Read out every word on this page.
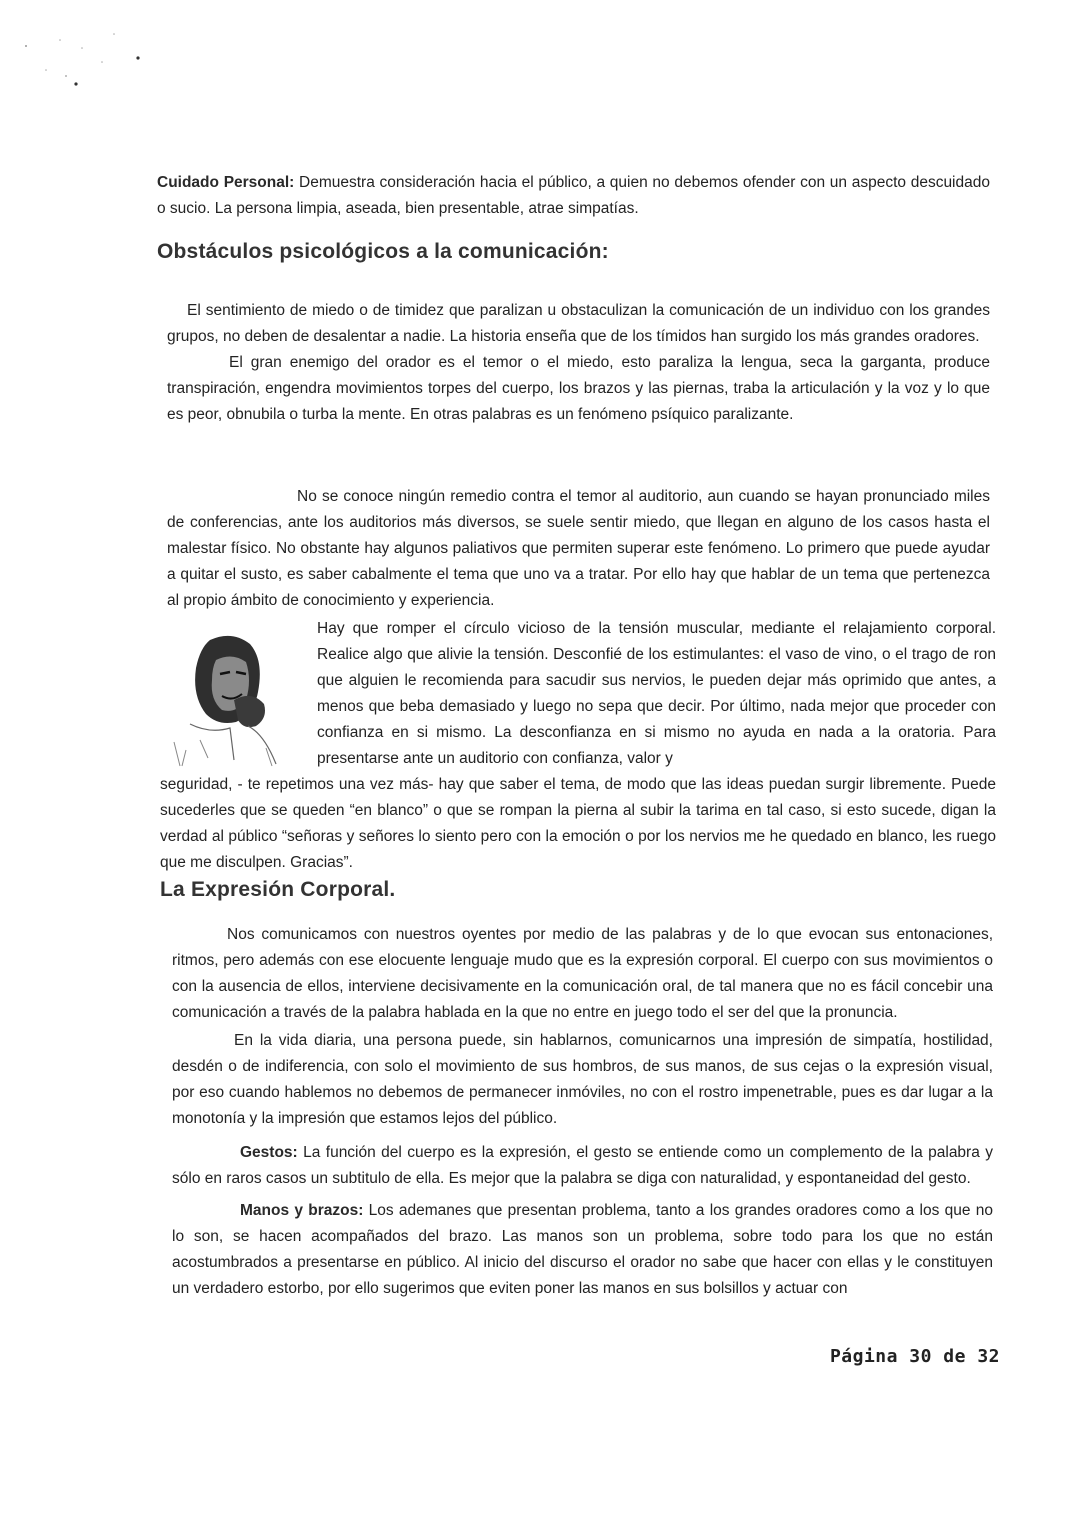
Cuidado Personal: Demuestra consideración hacia el público, a quien no debemos ofender con un aspecto descuidado o sucio. La persona limpia, aseada, bien presentable, atrae simpatías.

Obstáculos psicológicos a la comunicación:

El sentimiento de miedo o de timidez que paralizan u obstaculizan la comunicación de un individuo con los grandes grupos, no deben de desalentar a nadie. La historia enseña que de los tímidos han surgido los más grandes oradores.

El gran enemigo del orador es el temor o el miedo, esto paraliza la lengua, seca la garganta, produce transpiración, engendra movimientos torpes del cuerpo, los brazos y las piernas, traba la articulación y la voz y lo que es peor, obnubila o turba la mente. En otras palabras es un fenómeno psíquico paralizante.

No se conoce ningún remedio contra el temor al auditorio, aun cuando se hayan pronunciado miles de conferencias, ante los auditorios más diversos, se suele sentir miedo, que llegan en alguno de los casos hasta el malestar físico. No obstante hay algunos paliativos que permiten superar este fenómeno. Lo primero que puede ayudar a quitar el susto, es saber cabalmente el tema que uno va a tratar. Por ello hay que hablar de un tema que pertenezca al propio ámbito de conocimiento y experiencia.

Hay que romper el círculo vicioso de la tensión muscular, mediante el relajamiento corporal. Realice algo que alivie la tensión. Desconfié de los estimulantes: el vaso de vino, o el trago de ron que alguien le recomienda para sacudir sus nervios, le pueden dejar más oprimido que antes, a menos que beba demasiado y luego no sepa que decir. Por último, nada mejor que proceder con confianza en si mismo. La desconfianza en si mismo no ayuda en nada a la oratoria. Para presentarse ante un auditorio con confianza, valor y

seguridad, - te repetimos una vez más- hay que saber el tema, de modo que las ideas puedan surgir libremente. Puede sucederles que se queden “en blanco” o que se rompan la pierna al subir la tarima en tal caso, si esto sucede, digan la verdad al público “señoras y señores lo siento pero con la emoción o por los nervios me he quedado en blanco, les ruego que me disculpen. Gracias”.

La Expresión Corporal.

Nos comunicamos con nuestros oyentes por medio de las palabras y de lo que evocan sus entonaciones, ritmos, pero además con ese elocuente lenguaje mudo que es la expresión corporal. El cuerpo con sus movimientos o con la ausencia de ellos, interviene decisivamente en la comunicación oral, de tal manera que no es fácil concebir una comunicación a través de la palabra hablada en la que no entre en juego todo el ser del que la pronuncia.

En la vida diaria, una persona puede, sin hablarnos, comunicarnos una impresión de simpatía, hostilidad, desdén o de indiferencia, con solo el movimiento de sus hombros, de sus manos, de sus cejas o la expresión visual, por eso cuando hablemos no debemos de permanecer inmóviles, no con el rostro impenetrable, pues es dar lugar a la monotonía y la impresión que estamos lejos del público.

Gestos: La función del cuerpo es la expresión, el gesto se entiende como un complemento de la palabra y sólo en raros casos un subtitulo de ella. Es mejor que la palabra se diga con naturalidad, y espontaneidad del gesto.

Manos y brazos: Los ademanes que presentan problema, tanto a los grandes oradores como a los que no lo son, se hacen acompañados del brazo. Las manos son un problema, sobre todo para los que no están acostumbrados a presentarse en público. Al inicio del discurso el orador no sabe que hacer con ellas y le constituyen un verdadero estorbo, por ello sugerimos que eviten poner las manos en sus bolsillos y actuar con

Página 30 de 32
